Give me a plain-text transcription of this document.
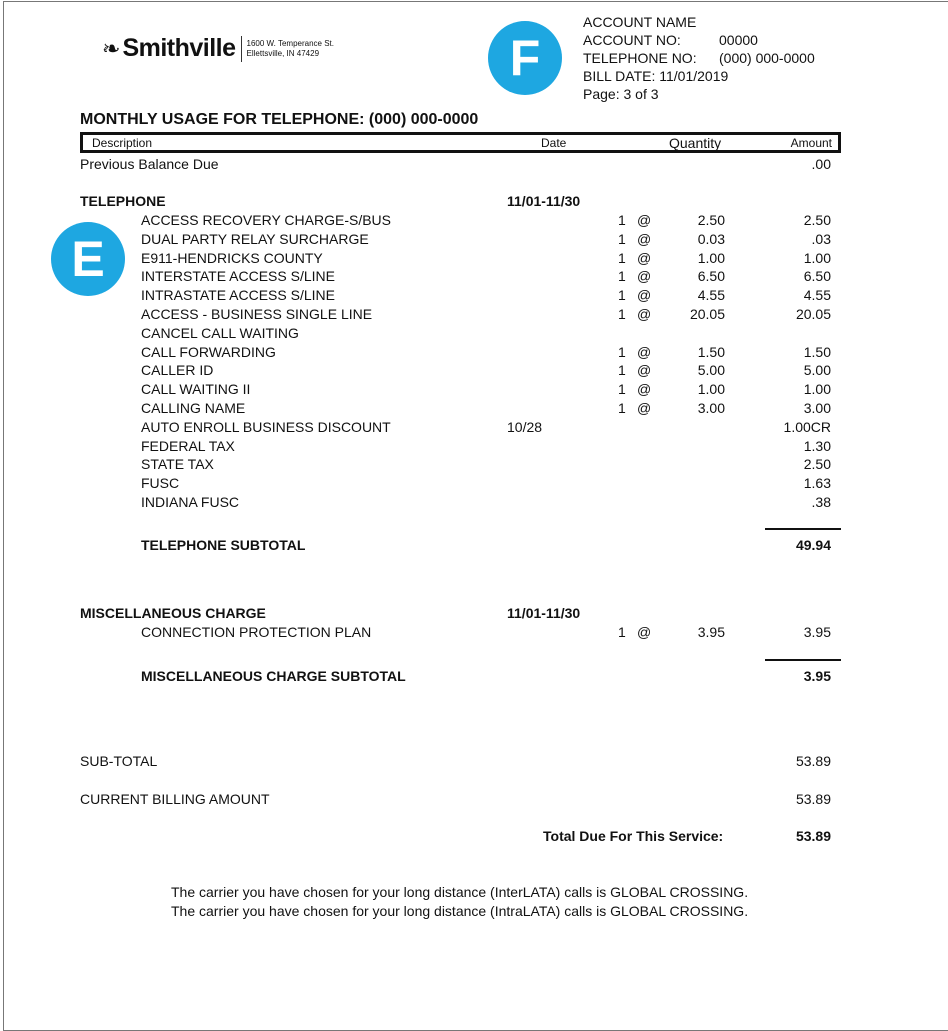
❧ Smithville 1600 W. Temperance St.
Ellettsville, IN 47429	F
E
ACCOUNT NAME
ACCOUNT NO:	00000
TELEPHONE NO: (000) 000-0000
BILL DATE: 11/01/2019
Page: 3 of 3
MONTHLY USAGE FOR TELEPHONE: (000) 000-0000
Description	Date	Quantity	Amount
Previous Balance Due	.00
TELEPHONE	11/01-11/30
ACCESS RECOVERY CHARGE-S/BUS	1 @	2.50	2.50
DUAL PARTY RELAY SURCHARGE	1 @	0.03	.03
E911-HENDRICKS COUNTY	1 @	1.00	1.00
INTERSTATE ACCESS S/LINE	1 @	6.50	6.50
INTRASTATE ACCESS S/LINE	1 @	4.55	4.55
ACCESS - BUSINESS SINGLE LINE	1 @	20.05	20.05
CANCEL CALL WAITING
CALL FORWARDING	1 @	1.50	1.50
CALLER ID	1 @	5.00	5.00
CALL WAITING II	1 @	1.00	1.00
CALLING NAME	1 @	3.00	3.00
AUTO ENROLL BUSINESS DISCOUNT	10/28	1.00CR
FEDERAL TAX	1.30
STATE TAX	2.50
FUSC	1.63
INDIANA FUSC	.38
TELEPHONE SUBTOTAL	49.94
MISCELLANEOUS CHARGE	11/01-11/30
CONNECTION PROTECTION PLAN	1 @	3.95	3.95
MISCELLANEOUS CHARGE SUBTOTAL	3.95
SUB-TOTAL	53.89
CURRENT BILLING AMOUNT	53.89
Total Due For This Service:	53.89
The carrier you have chosen for your long distance (InterLATA) calls is GLOBAL CROSSING.
The carrier you have chosen for your long distance (IntraLATA) calls is GLOBAL CROSSING.
